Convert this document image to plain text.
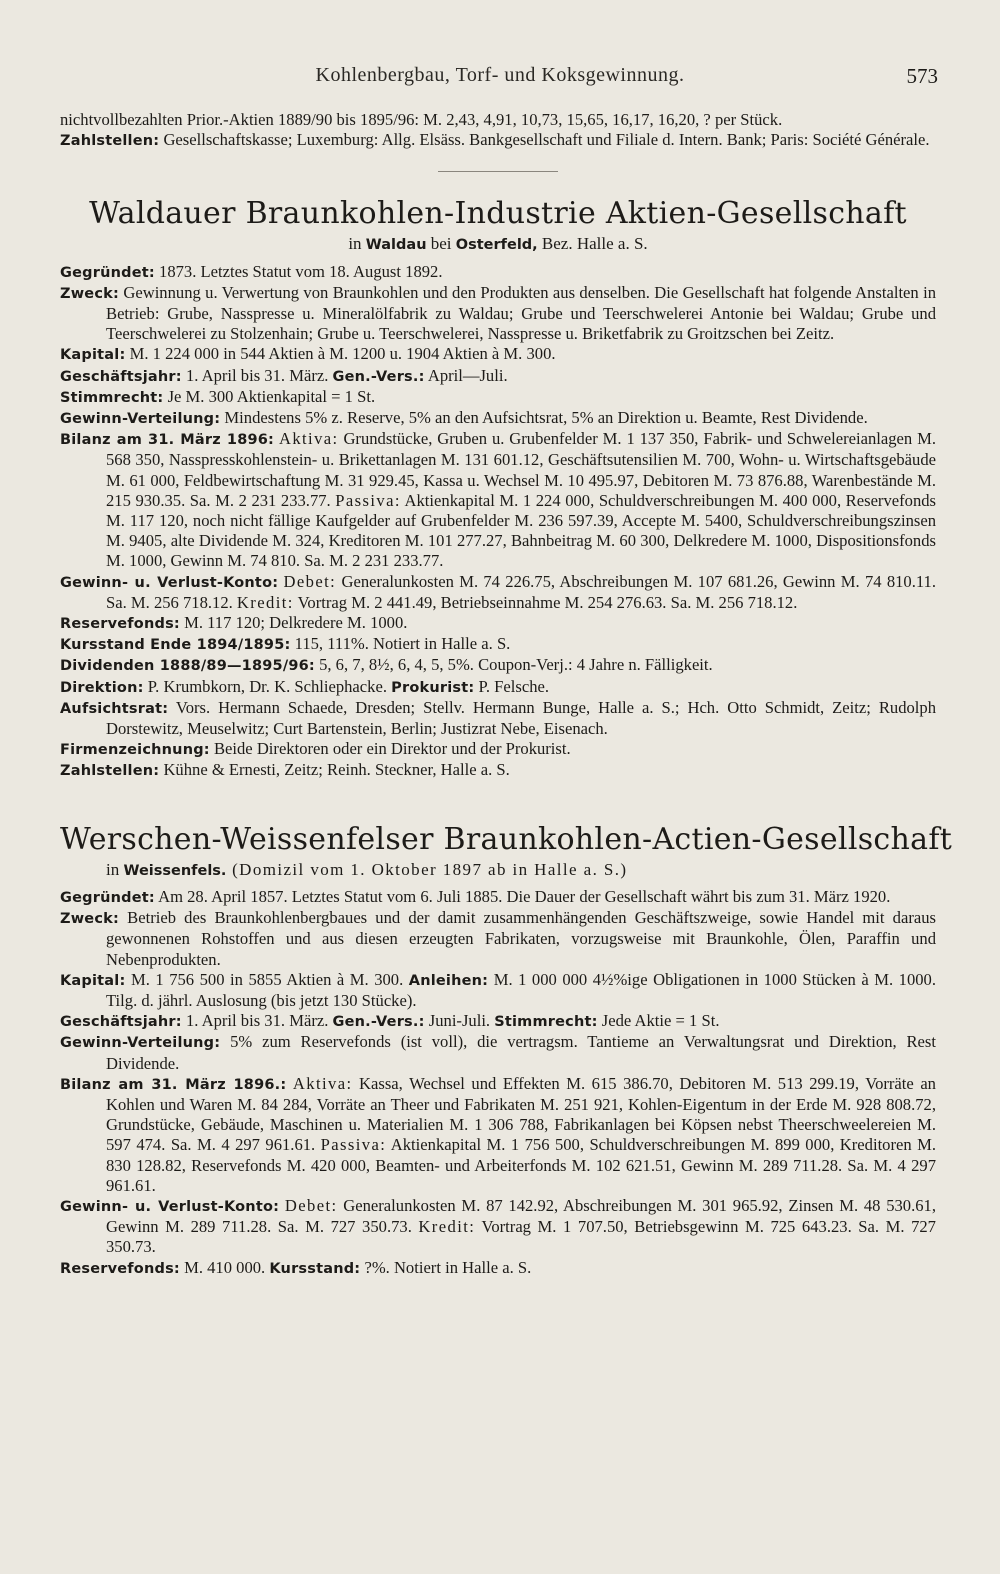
Kohlenbergbau, Torf- und Koksgewinnung.	573

nichtvollbezahlten Prior.-Aktien 1889/90 bis 1895/96: M. 2,43, 4,91, 10,73, 15,65, 16,17, 16,20, ? per Stück.

Zahlstellen: Gesellschaftskasse; Luxemburg: Allg. Elsäss. Bankgesellschaft und Filiale d. Intern. Bank; Paris: Société Générale.

Waldauer Braunkohlen-Industrie Aktien-Gesellschaft
in Waldau bei Osterfeld, Bez. Halle a. S.

Gegründet: 1873. Letztes Statut vom 18. August 1892.

Zweck: Gewinnung u. Verwertung von Braunkohlen und den Produkten aus denselben. Die Gesellschaft hat folgende Anstalten in Betrieb: Grube, Nasspresse u. Mineralölfabrik zu Waldau; Grube und Teerschwelerei Antonie bei Waldau; Grube und Teerschwelerei zu Stolzenhain; Grube u. Teerschwelerei, Nasspresse u. Briketfabrik zu Groitzschen bei Zeitz.

Kapital: M. 1 224 000 in 544 Aktien à M. 1200 u. 1904 Aktien à M. 300.

Geschäftsjahr: 1. April bis 31. März. Gen.-Vers.: April—Juli.

Stimmrecht: Je M. 300 Aktienkapital = 1 St.

Gewinn-Verteilung: Mindestens 5% z. Reserve, 5% an den Aufsichtsrat, 5% an Direktion u. Beamte, Rest Dividende.

Bilanz am 31. März 1896: Aktiva: Grundstücke, Gruben u. Grubenfelder M. 1 137 350, Fabrik- und Schwelereianlagen M. 568 350, Nasspresskohlenstein- u. Brikettanlagen M. 131 601.12, Geschäftsutensilien M. 700, Wohn- u. Wirtschaftsgebäude M. 61 000, Feldbewirtschaftung M. 31 929.45, Kassa u. Wechsel M. 10 495.97, Debitoren M. 73 876.88, Warenbestände M. 215 930.35. Sa. M. 2 231 233.77. Passiva: Aktienkapital M. 1 224 000, Schuldverschreibungen M. 400 000, Reservefonds M. 117 120, noch nicht fällige Kaufgelder auf Grubenfelder M. 236 597.39, Accepte M. 5400, Schuldverschreibungszinsen M. 9405, alte Dividende M. 324, Kreditoren M. 101 277.27, Bahnbeitrag M. 60 300, Delkredere M. 1000, Dispositionsfonds M. 1000, Gewinn M. 74 810. Sa. M. 2 231 233.77.

Gewinn- u. Verlust-Konto: Debet: Generalunkosten M. 74 226.75, Abschreibungen M. 107 681.26, Gewinn M. 74 810.11. Sa. M. 256 718.12. Kredit: Vortrag M. 2 441.49, Betriebseinnahme M. 254 276.63. Sa. M. 256 718.12.

Reservefonds: M. 117 120; Delkredere M. 1000.

Kursstand Ende 1894/1895: 115, 111%. Notiert in Halle a. S.

Dividenden 1888/89—1895/96: 5, 6, 7, 8½, 6, 4, 5, 5%. Coupon-Verj.: 4 Jahre n. Fälligkeit.

Direktion: P. Krumbkorn, Dr. K. Schliephacke. Prokurist: P. Felsche.

Aufsichtsrat: Vors. Hermann Schaede, Dresden; Stellv. Hermann Bunge, Halle a. S.; Hch. Otto Schmidt, Zeitz; Rudolph Dorstewitz, Meuselwitz; Curt Bartenstein, Berlin; Justizrat Nebe, Eisenach.

Firmenzeichnung: Beide Direktoren oder ein Direktor und der Prokurist.

Zahlstellen: Kühne & Ernesti, Zeitz; Reinh. Steckner, Halle a. S.

Werschen-Weissenfelser Braunkohlen-Actien-Gesellschaft
in Weissenfels. (Domizil vom 1. Oktober 1897 ab in Halle a. S.)

Gegründet: Am 28. April 1857. Letztes Statut vom 6. Juli 1885. Die Dauer der Gesellschaft währt bis zum 31. März 1920.

Zweck: Betrieb des Braunkohlenbergbaues und der damit zusammenhängenden Geschäftszweige, sowie Handel mit daraus gewonnenen Rohstoffen und aus diesen erzeugten Fabrikaten, vorzugsweise mit Braunkohle, Ölen, Paraffin und Nebenprodukten.

Kapital: M. 1 756 500 in 5855 Aktien à M. 300. Anleihen: M. 1 000 000 4½%ige Obligationen in 1000 Stücken à M. 1000. Tilg. d. jährl. Auslosung (bis jetzt 130 Stücke).

Geschäftsjahr: 1. April bis 31. März. Gen.-Vers.: Juni-Juli. Stimmrecht: Jede Aktie = 1 St.

Gewinn-Verteilung: 5% zum Reservefonds (ist voll), die vertragsm. Tantieme an Verwaltungsrat und Direktion, Rest Dividende.

Bilanz am 31. März 1896.: Aktiva: Kassa, Wechsel und Effekten M. 615 386.70, Debitoren M. 513 299.19, Vorräte an Kohlen und Waren M. 84 284, Vorräte an Theer und Fabrikaten M. 251 921, Kohlen-Eigentum in der Erde M. 928 808.72, Grundstücke, Gebäude, Maschinen u. Materialien M. 1 306 788, Fabrikanlagen bei Köpsen nebst Theerschweelereien M. 597 474. Sa. M. 4 297 961.61. Passiva: Aktienkapital M. 1 756 500, Schuldverschreibungen M. 899 000, Kreditoren M. 830 128.82, Reservefonds M. 420 000, Beamten- und Arbeiterfonds M. 102 621.51, Gewinn M. 289 711.28. Sa. M. 4 297 961.61.

Gewinn- u. Verlust-Konto: Debet: Generalunkosten M. 87 142.92, Abschreibungen M. 301 965.92, Zinsen M. 48 530.61, Gewinn M. 289 711.28. Sa. M. 727 350.73. Kredit: Vortrag M. 1 707.50, Betriebsgewinn M. 725 643.23. Sa. M. 727 350.73.

Reservefonds: M. 410 000. Kursstand: ?%. Notiert in Halle a. S.
